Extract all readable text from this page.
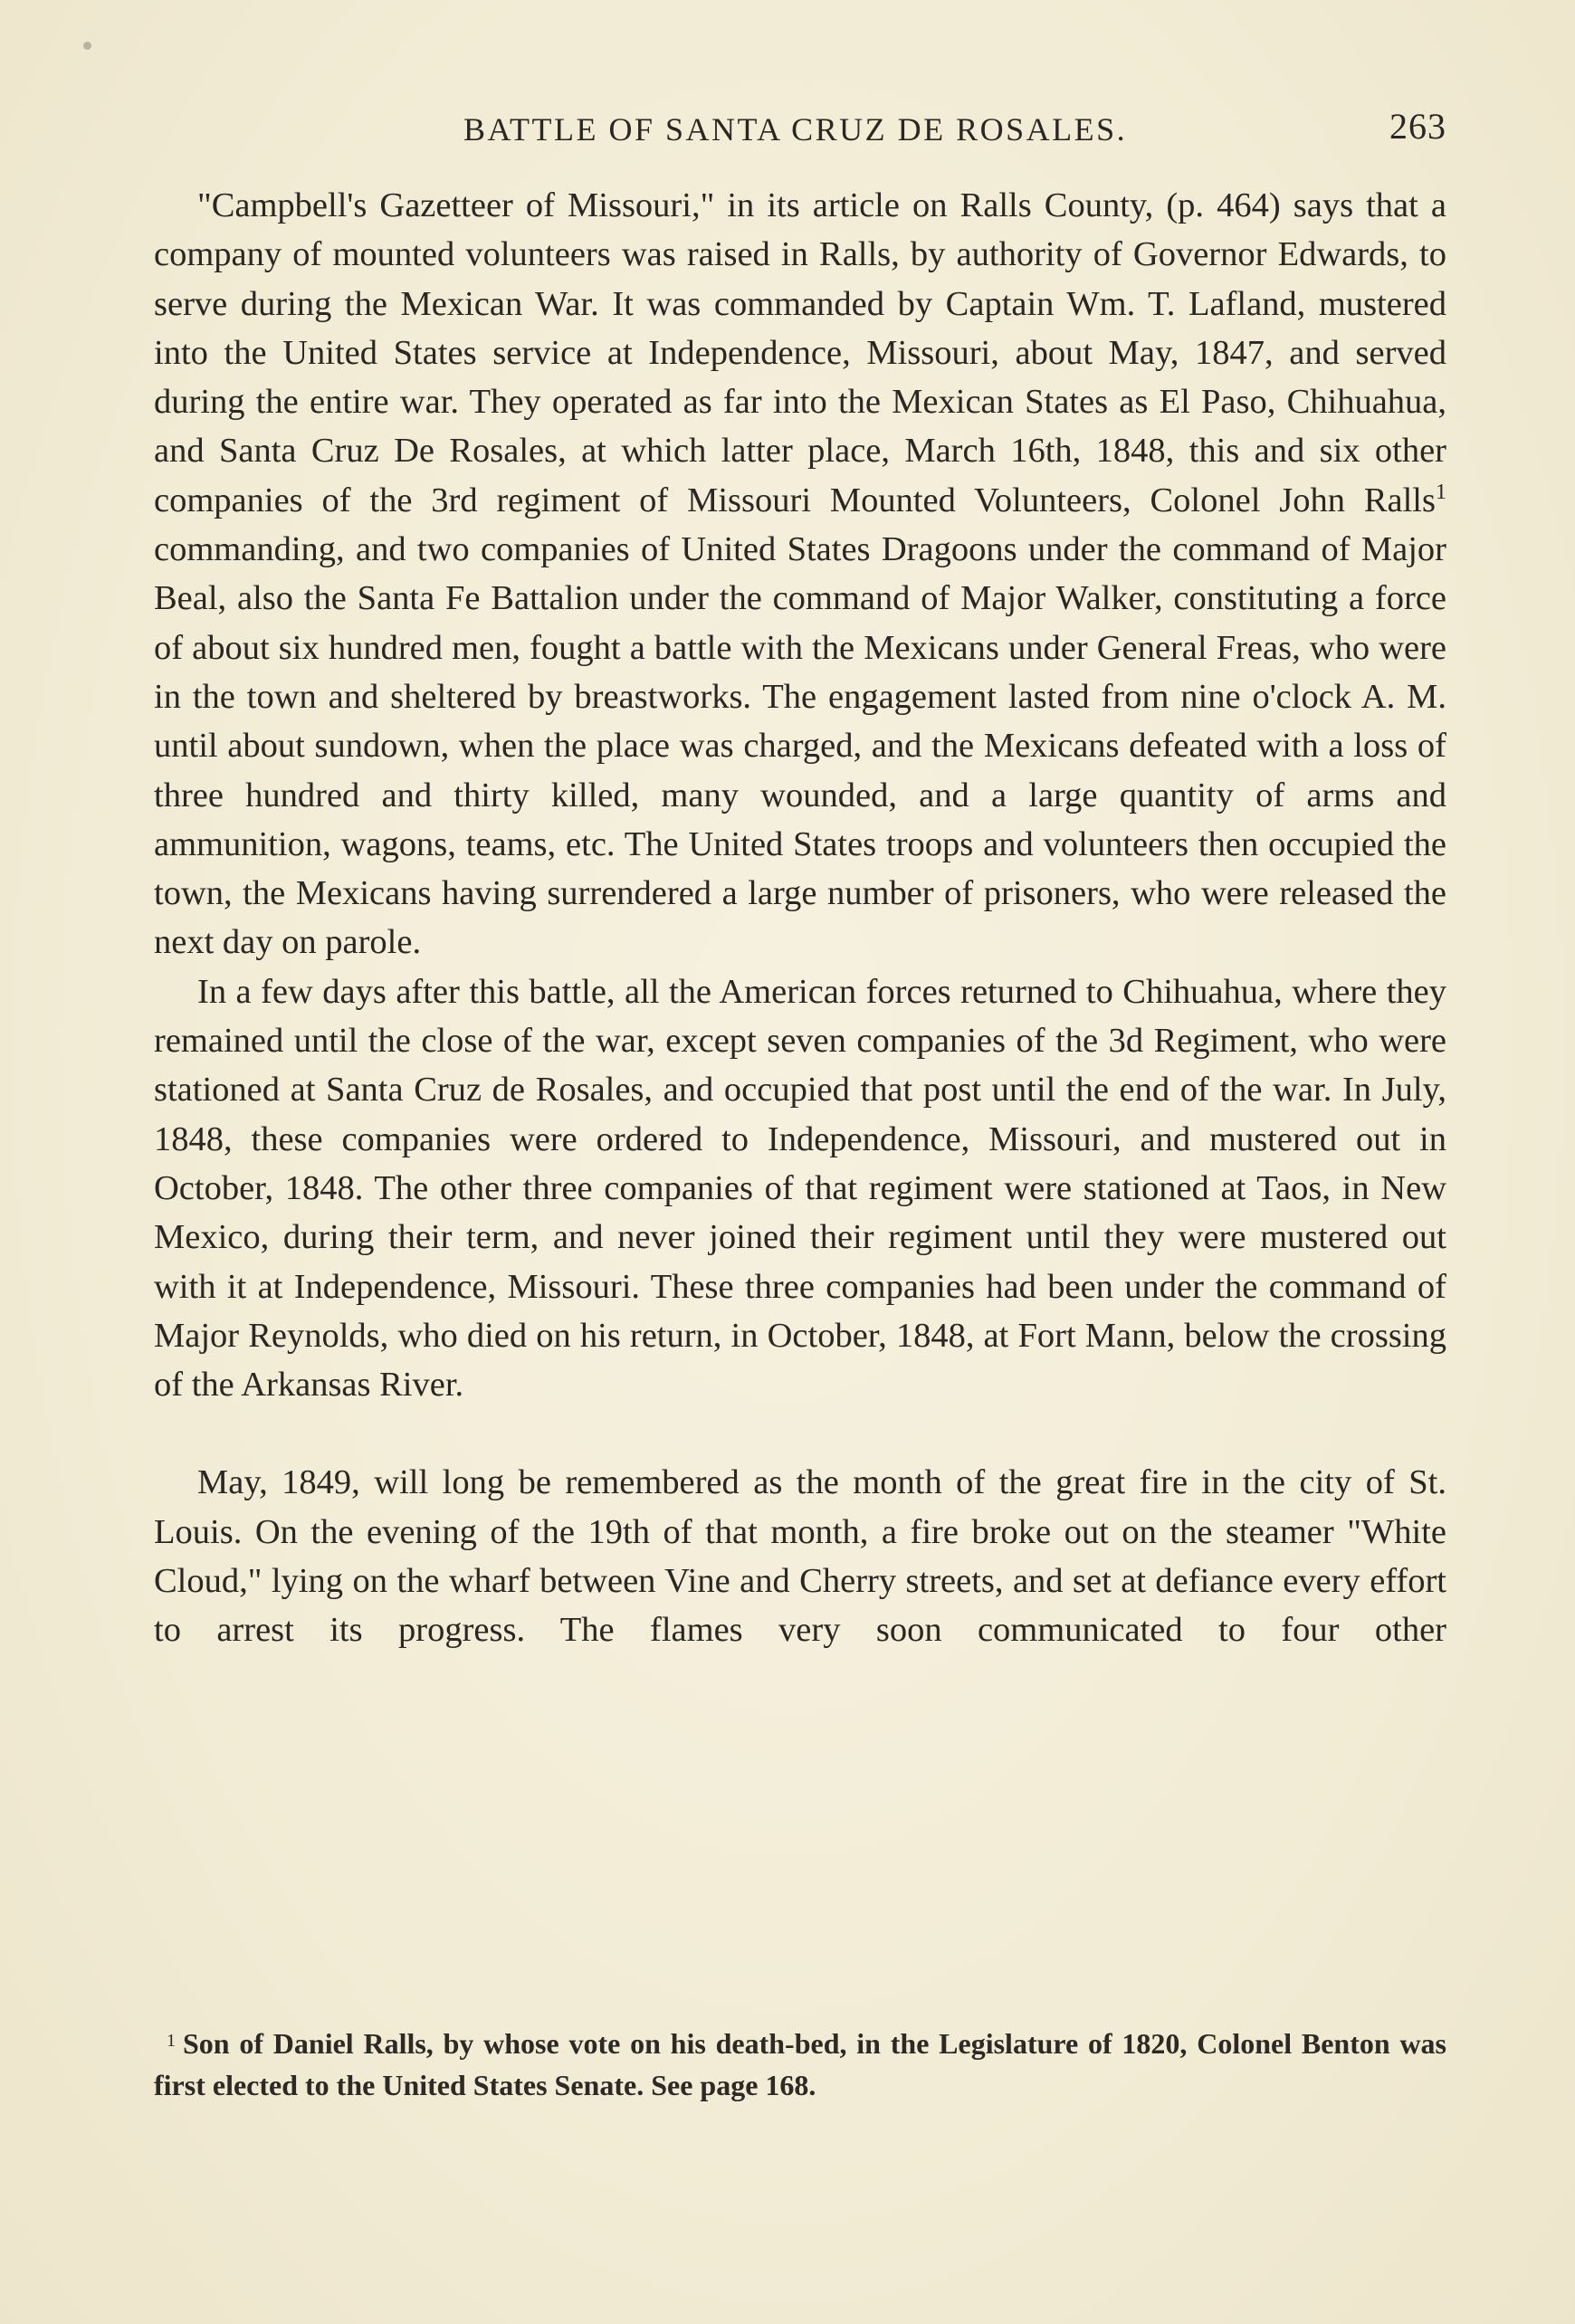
BATTLE OF SANTA CRUZ DE ROSALES.	263

"Campbell's Gazetteer of Missouri," in its article on Ralls County, (p. 464) says that a company of mounted volunteers was raised in Ralls, by authority of Governor Edwards, to serve during the Mexican War. It was commanded by Captain Wm. T. Lafland, mustered into the United States service at Independence, Missouri, about May, 1847, and served during the entire war. They operated as far into the Mexican States as El Paso, Chihuahua, and Santa Cruz De Rosales, at which latter place, March 16th, 1848, this and six other companies of the 3rd regiment of Missouri Mounted Volunteers, Colonel John Ralls$^1$ commanding, and two companies of United States Dragoons under the command of Major Beal, also the Santa Fe Battalion under the command of Major Walker, constituting a force of about six hundred men, fought a battle with the Mexicans under General Freas, who were in the town and sheltered by breastworks. The engagement lasted from nine o'clock A. M. until about sundown, when the place was charged, and the Mexicans defeated with a loss of three hundred and thirty killed, many wounded, and a large quantity of arms and ammunition, wagons, teams, etc. The United States troops and volunteers then occupied the town, the Mexicans having surrendered a large number of prisoners, who were released the next day on parole.

In a few days after this battle, all the American forces returned to Chihuahua, where they remained until the close of the war, except seven companies of the 3d Regiment, who were stationed at Santa Cruz de Rosales, and occupied that post until the end of the war. In July, 1848, these companies were ordered to Independence, Missouri, and mustered out in October, 1848. The other three companies of that regiment were stationed at Taos, in New Mexico, during their term, and never joined their regiment until they were mustered out with it at Independence, Missouri. These three companies had been under the command of Major Reynolds, who died on his return, in October, 1848, at Fort Mann, below the crossing of the Arkansas River.

May, 1849, will long be remembered as the month of the great fire in the city of St. Louis. On the evening of the 19th of that month, a fire broke out on the steamer "White Cloud," lying on the wharf between Vine and Cherry streets, and set at defiance every effort to arrest its progress. The flames very soon communicated to four other

$^1$ Son of Daniel Ralls, by whose vote on his death-bed, in the Legislature of 1820, Colonel Benton was first elected to the United States Senate. See page 168.
